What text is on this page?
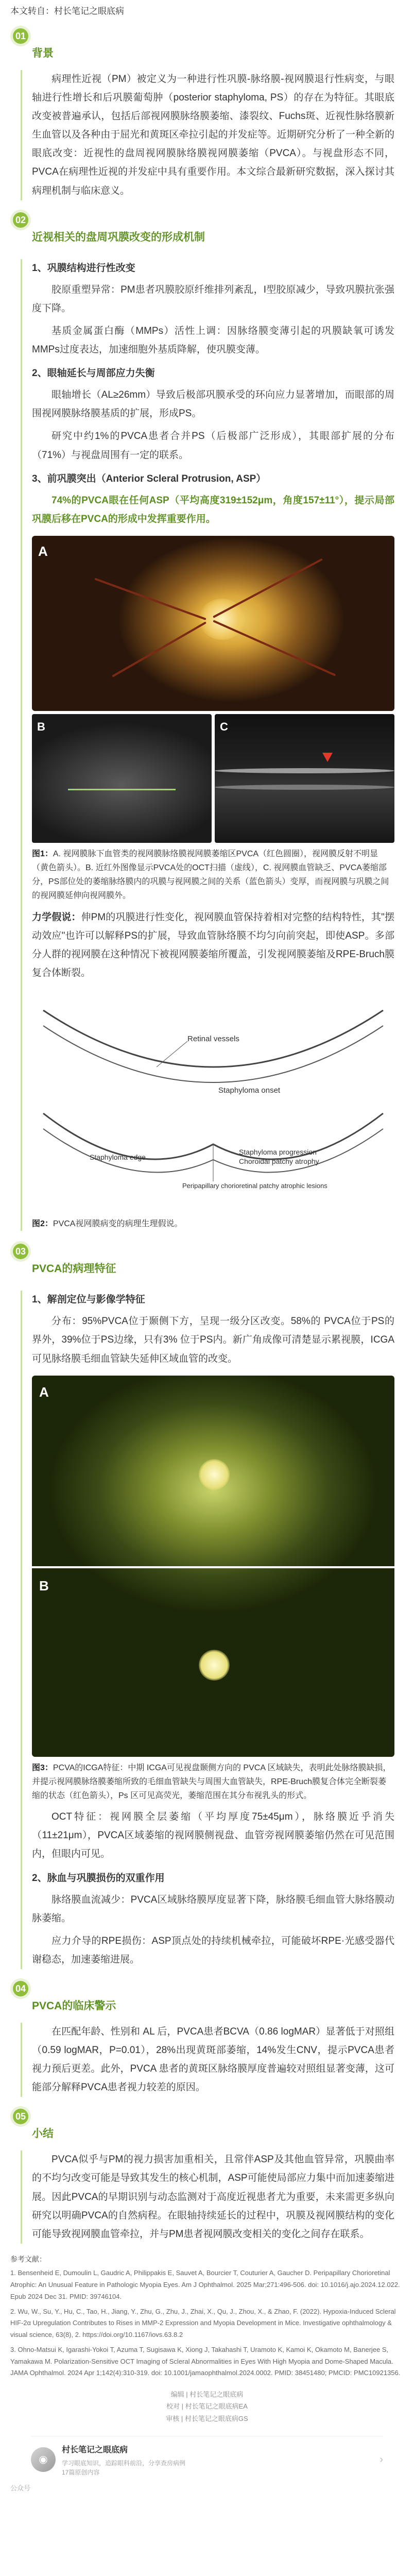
本文转自：村长笔记之眼底病
01
背景

病理性近视（PM）被定义为一种进行性巩膜-脉络膜-视网膜退行性病变，与眼轴进行性增长和后巩膜葡萄肿（posterior staphyloma, PS）的存在为特征。其眼底改变被普遍承认，包括后部视网膜脉络膜萎缩、漆裂纹、Fuchs斑、近视性脉络膜新生血管以及各种由于屈光和黄斑区牵拉引起的并发症等。近期研究分析了一种全新的眼底改变：近视性的盘周视网膜脉络膜视网膜萎缩（PVCA）。与视盘形态不同，PVCA在病理性近视的并发症中具有重要作用。本文综合最新研究数据，深入探讨其病理机制与临床意义。

02
近视相关的盘周巩膜改变的形成机制

1、巩膜结构进行性改变

胶原重塑异常：PM患者巩膜胶原纤维排列紊乱，I型胶原减少，导致巩膜抗张强度下降。

基质金属蛋白酶（MMPs）活性上调：因脉络膜变薄引起的巩膜缺氧可诱发MMPs过度表达，加速细胞外基质降解，使巩膜变薄。

2、眼轴延长与周部应力失衡

眼轴增长（AL≥26mm）导致后极部巩膜承受的环向应力显著增加，而眼部的周围视网膜脉络膜基质的扩展，形成PS。

研究中约1%的PVCA患者合并PS（后极部广泛形成），其眼部扩展的分布（71%）与视盘周围有一定的联系。

3、前巩膜突出（Anterior Scleral Protrusion, ASP）

74%的PVCA眼在任何ASP（平均高度319±152μm，角度157±11°），提示局部巩膜后移在PVCA的形成中发挥重要作用。

A
B	C

图1：A. 视网膜脉下血管类的视网膜脉络膜视网膜萎缩区PVCA（红色圆圈），视网膜反射不明显（黄色箭头）。B. 近红外图像显示PVCA处的OCT扫描（虚线），C. 视网膜血管缺乏、PVCA萎缩部分，PS部位处的萎缩脉络膜内的巩膜与视网膜之间的关系（蓝色箭头）变厚，而视网膜与巩膜之间的视网膜延伸向视网膜外。

力学假说：伸PM的巩膜进行性变化，视网膜血管保持着相对完整的结构特性，其"摆动效应"也许可以解释PS的扩展，导致血管脉络膜不均匀向前突起，即使ASP。多部分人群的视网膜在这种情况下被视网膜萎缩所覆盖，引发视网膜萎缩及RPE-Bruch膜复合体断裂。

Retinal vessels
Staphyloma onset
Staphyloma progression
Choroidal patchy atrophy
Staphyloma edge
Peripapillary chorioretinal patchy atrophic lesions

图2：PVCA视网膜病变的病理生理假说。

03
PVCA的病理特征

1、解剖定位与影像学特征

分布：95%PVCA位于颞侧下方，呈现一级分区改变。58%的 PVCA位于PS的界外，39%位于PS边缘，只有3% 位于PS内。新广角成像可清楚显示累视膜，ICGA可见脉络膜毛细血管缺失延伸区域血管的改变。

A
B

图3：PCVA的ICGA特征：中期 ICGA可见视盘颞侧方向的 PVCA 区域缺失，表明此处脉络膜缺损，并提示视网膜脉络膜萎缩所致的毛细血管缺失与周围大血管缺失，RPE-Bruch膜复合体完全断裂萎缩的状态（红色箭头），Ps 区可见高荧光，萎缩范围在其分布视乳头的形式。

OCT特征：视网膜全层萎缩（平均厚度75±45μm），脉络膜近乎消失（11±21μm），PVCA区域萎缩的视网膜侧视盘、血管旁视网膜萎缩仍然在可见范围内，但眼内可见。

2、脉血与巩膜损伤的双重作用

脉络膜血流减少：PVCA区域脉络膜厚度显著下降，脉络膜毛细血管大脉络膜动脉萎缩。

应力介导的RPE损伤：ASP顶点处的持续机械牵拉，可能破坏RPE·光感受器代谢稳态，加速萎缩进展。

04
PVCA的临床警示

在匹配年龄、性别和 AL 后，PVCA患者BCVA（0.86 logMAR）显著低于对照组（0.59 logMAR，P=0.01），28%出现黄斑部萎缩，14%发生CNV，提示PVCA患者视力预后更差。此外，PVCA 患者的黄斑区脉络膜厚度普遍较对照组显著变薄，这可能部分解释PVCA患者视力较差的原因。

05
小结

PVCA似乎与PM的视力损害加重相关，且常伴ASP及其他血管异常，巩膜曲率的不均匀改变可能是导致其发生的核心机制，ASP可能使局部应力集中而加速萎缩进展。因此PVCA的早期识别与动态监测对于高度近视患者尤为重要，未来需更多纵向研究以明确PVCA的自然病程。在眼轴持续延长的过程中，巩膜及视网膜结构的变化可能导致视网膜血管牵拉，并与PM患者视网膜改变相关的变化之间存在联系。

参考文献：

1. Bensenheid E, Dumoulin L, Gaudric A, Philippakis E, Sauvet A, Bourcier T, Couturier A, Gaucher D. Peripapillary Chorioretinal Atrophic: An Unusual Feature in Pathologic Myopia Eyes. Am J Ophthalmol. 2025 Mar;271:496-506. doi: 10.1016/j.ajo.2024.12.022. Epub 2024 Dec 31. PMID: 39746104.

2. Wu, W., Su, Y., Hu, C., Tao, H., Jiang, Y., Zhu, G., Zhu, J., Zhai, X., Qu, J., Zhou, X., & Zhao, F. (2022). Hypoxia-Induced Scleral HIF-2α Upregulation Contributes to Rises in MMP-2 Expression and Myopia Development in Mice. Investigative ophthalmology & visual science, 63(8), 2. https://doi.org/10.1167/iovs.63.8.2

3. Ohno-Matsui K, Igarashi-Yokoi T, Azuma T, Sugisawa K, Xiong J, Takahashi T, Uramoto K, Kamoi K, Okamoto M, Banerjee S, Yamakawa M. Polarization-Sensitive OCT Imaging of Scleral Abnormalities in Eyes With High Myopia and Dome-Shaped Macula. JAMA Ophthalmol. 2024 Apr 1;142(4):310-319. doi: 10.1001/jamaophthalmol.2024.0002. PMID: 38451480; PMCID: PMC10921356.

编辑 | 村长笔记之眼底病
校对 | 村长笔记之眼底病EA
审核 | 村长笔记之眼底病GS
◉
村长笔记之眼底病
学习眼底知识，追踪眼科前沿，分享查房病例
17篇原创内容
›
公众号
